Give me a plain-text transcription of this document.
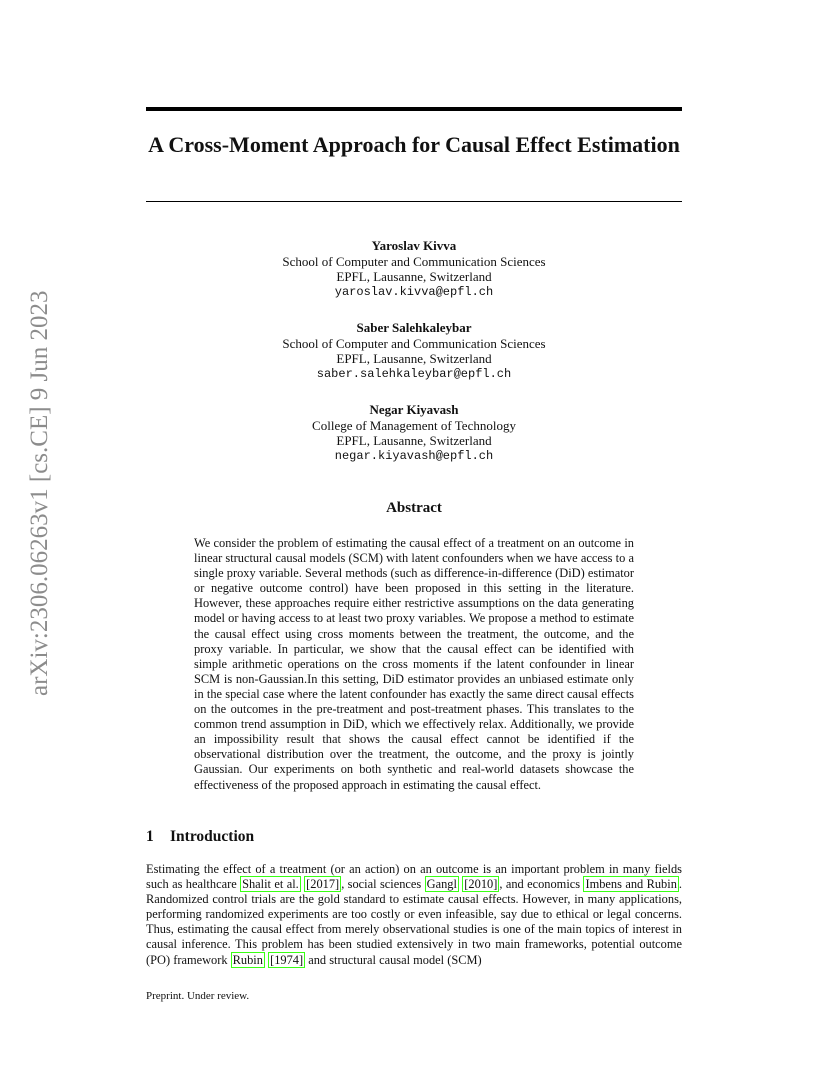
arXiv:2306.06263v1 [cs.CE] 9 Jun 2023
A Cross-Moment Approach for Causal Effect Estimation
Yaroslav Kivva
School of Computer and Communication Sciences
EPFL, Lausanne, Switzerland
yaroslav.kivva@epfl.ch
Saber Salehkaleybar
School of Computer and Communication Sciences
EPFL, Lausanne, Switzerland
saber.salehkaleybar@epfl.ch
Negar Kiyavash
College of Management of Technology
EPFL, Lausanne, Switzerland
negar.kiyavash@epfl.ch
Abstract

We consider the problem of estimating the causal effect of a treatment on an outcome in linear structural causal models (SCM) with latent confounders when we have access to a single proxy variable. Several methods (such as difference-in-difference (DiD) estimator or negative outcome control) have been proposed in this setting in the literature. However, these approaches require either restrictive assumptions on the data generating model or having access to at least two proxy variables. We propose a method to estimate the causal effect using cross moments between the treatment, the outcome, and the proxy variable. In particular, we show that the causal effect can be identified with simple arithmetic operations on the cross moments if the latent confounder in linear SCM is non-Gaussian.In this setting, DiD estimator provides an unbiased estimate only in the special case where the latent confounder has exactly the same direct causal effects on the outcomes in the pre-treatment and post-treatment phases. This translates to the common trend assumption in DiD, which we effectively relax. Additionally, we provide an impossibility result that shows the causal effect cannot be identified if the observational distribution over the treatment, the outcome, and the proxy is jointly Gaussian. Our experiments on both synthetic and real-world datasets showcase the effectiveness of the proposed approach in estimating the causal effect.

1 Introduction

Estimating the effect of a treatment (or an action) on an outcome is an important problem in many fields such as healthcare Shalit et al. [2017] , social sciences Gangl [2010] , and economics Imbens and Rubin . Randomized control trials are the gold standard to estimate causal effects. However, in many applications, performing randomized experiments are too costly or even infeasible, say due to ethical or legal concerns. Thus, estimating the causal effect from merely observational studies is one of the main topics of interest in causal inference. This problem has been studied extensively in two main frameworks, potential outcome (PO) framework Rubin [1974] and structural causal model (SCM)

Preprint. Under review.
